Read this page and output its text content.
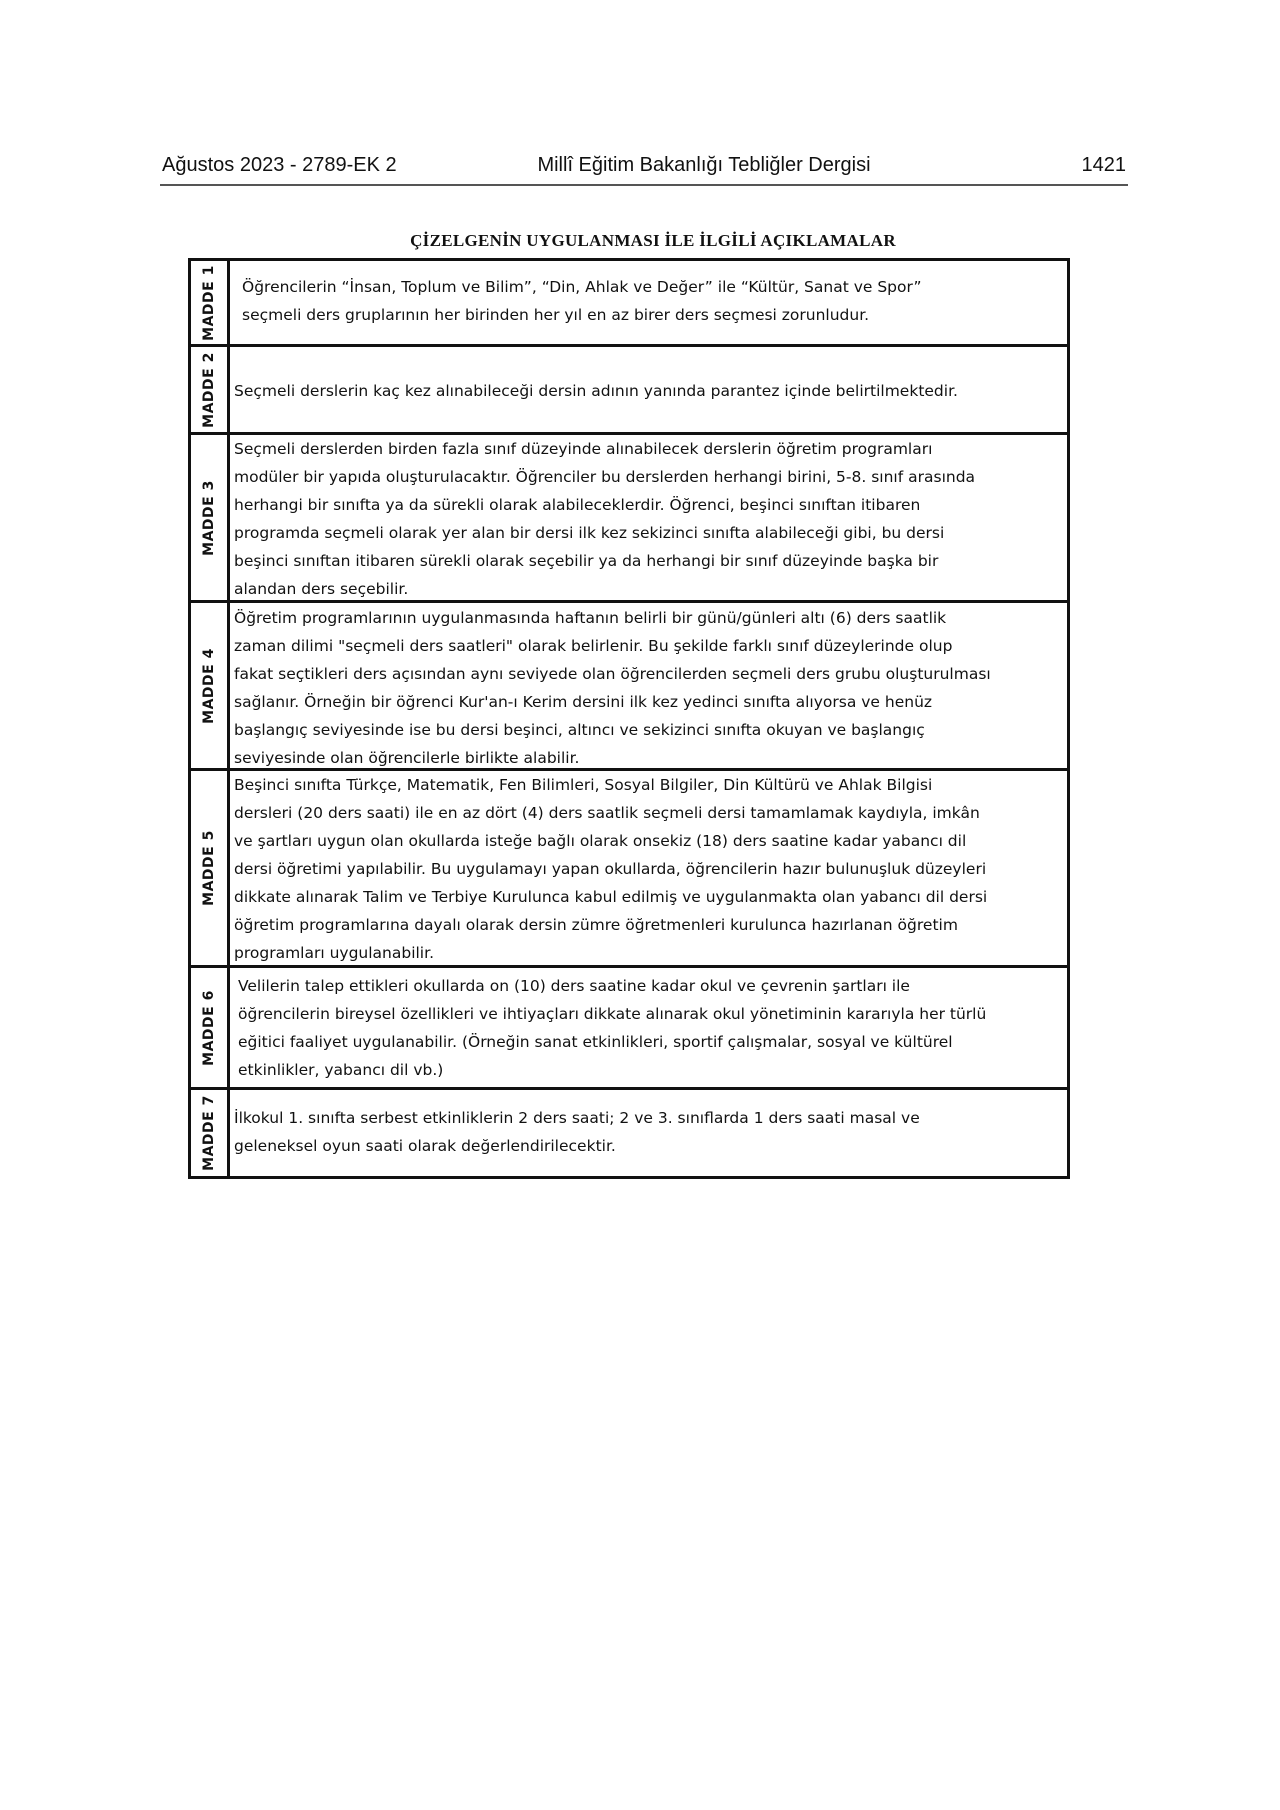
Ağustos 2023 - 2789-EK 2	Millî Eğitim Bakanlığı Tebliğler Dergisi	1421
ÇİZELGENİN UYGULANMASI İLE İLGİLİ AÇIKLAMALAR
MADDE 1 Öğrencilerin “İnsan, Toplum ve Bilim”, “Din, Ahlak ve Değer” ile “Kültür, Sanat ve Spor”
seçmeli ders gruplarının her birinden her yıl en az birer ders seçmesi zorunludur.
MADDE 2 Seçmeli derslerin kaç kez alınabileceği dersin adının yanında parantez içinde belirtilmektedir.
MADDE 3
Seçmeli derslerden birden fazla sınıf düzeyinde alınabilecek derslerin öğretim programları
modüler bir yapıda oluşturulacaktır. Öğrenciler bu derslerden herhangi birini, 5-8. sınıf arasında
herhangi bir sınıfta ya da sürekli olarak alabileceklerdir. Öğrenci, beşinci sınıftan itibaren
programda seçmeli olarak yer alan bir dersi ilk kez sekizinci sınıfta alabileceği gibi, bu dersi
beşinci sınıftan itibaren sürekli olarak seçebilir ya da herhangi bir sınıf düzeyinde başka bir
alandan ders seçebilir.
MADDE 4
Öğretim programlarının uygulanmasında haftanın belirli bir günü/günleri altı (6) ders saatlik
zaman dilimi "seçmeli ders saatleri" olarak belirlenir. Bu şekilde farklı sınıf düzeylerinde olup
fakat seçtikleri ders açısından aynı seviyede olan öğrencilerden seçmeli ders grubu oluşturulması
sağlanır. Örneğin bir öğrenci Kur'an-ı Kerim dersini ilk kez yedinci sınıfta alıyorsa ve henüz
başlangıç seviyesinde ise bu dersi beşinci, altıncı ve sekizinci sınıfta okuyan ve başlangıç
seviyesinde olan öğrencilerle birlikte alabilir.
MADDE 5
Beşinci sınıfta Türkçe, Matematik, Fen Bilimleri, Sosyal Bilgiler, Din Kültürü ve Ahlak Bilgisi
dersleri (20 ders saati) ile en az dört (4) ders saatlik seçmeli dersi tamamlamak kaydıyla, imkân
ve şartları uygun olan okullarda isteğe bağlı olarak onsekiz (18) ders saatine kadar yabancı dil
dersi öğretimi yapılabilir. Bu uygulamayı yapan okullarda, öğrencilerin hazır bulunuşluk düzeyleri
dikkate alınarak Talim ve Terbiye Kurulunca kabul edilmiş ve uygulanmakta olan yabancı dil dersi
öğretim programlarına dayalı olarak dersin zümre öğretmenleri kurulunca hazırlanan öğretim
programları uygulanabilir.
MADDE 6
Velilerin talep ettikleri okullarda on (10) ders saatine kadar okul ve çevrenin şartları ile
öğrencilerin bireysel özellikleri ve ihtiyaçları dikkate alınarak okul yönetiminin kararıyla her türlü
eğitici faaliyet uygulanabilir. (Örneğin sanat etkinlikleri, sportif çalışmalar, sosyal ve kültürel
etkinlikler, yabancı dil vb.)
MADDE 7 İlkokul 1. sınıfta serbest etkinliklerin 2 ders saati; 2 ve 3. sınıflarda 1 ders saati masal ve
geleneksel oyun saati olarak değerlendirilecektir.
